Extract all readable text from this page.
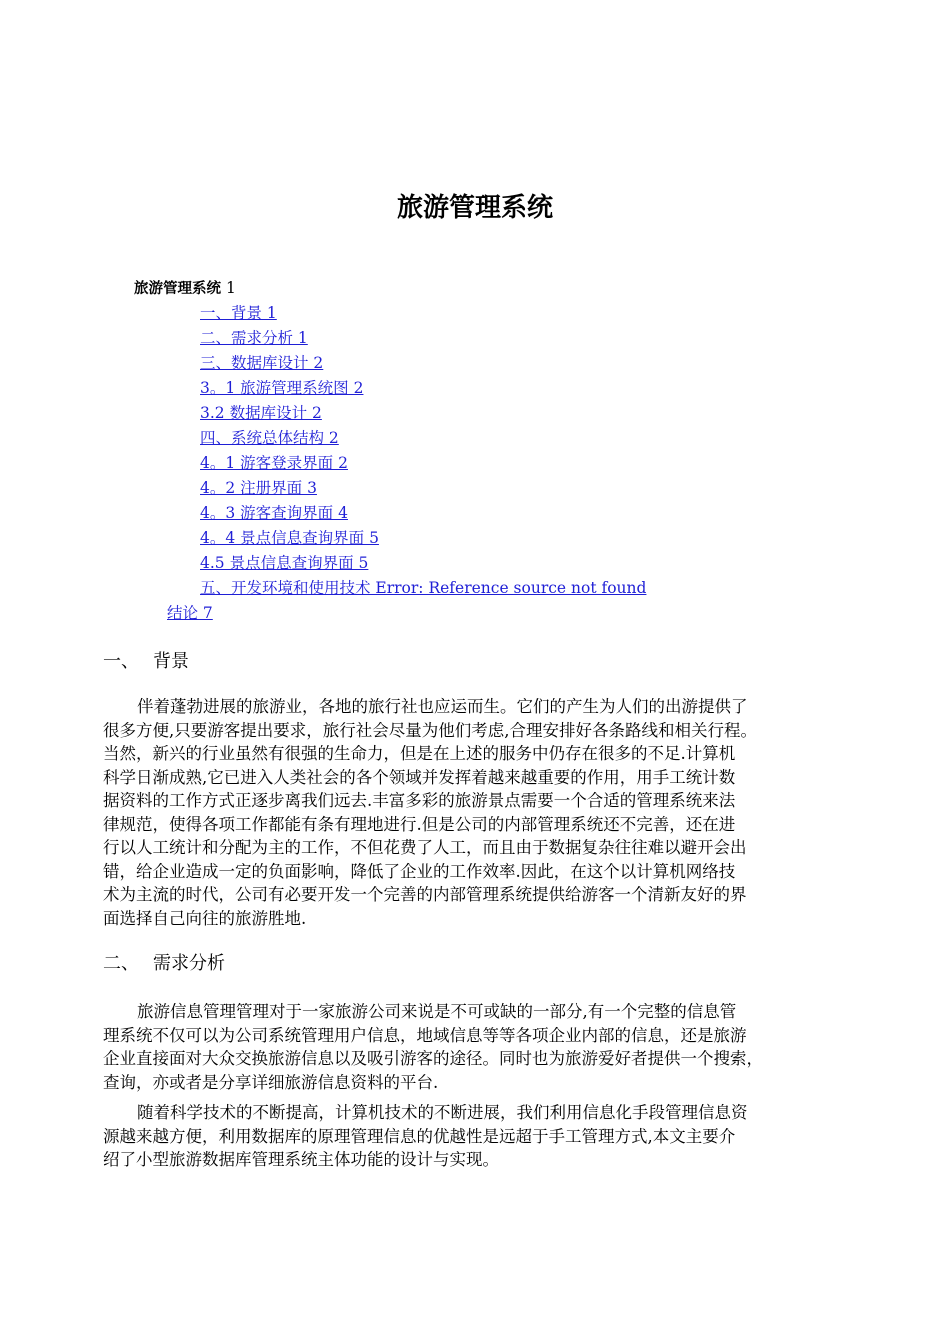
旅游管理系统
旅游管理系统 1
一、背景 1
二、需求分析 1
三、数据库设计 2
3。1 旅游管理系统图 2
3.2 数据库设计 2
四、系统总体结构 2
4。1 游客登录界面 2
4。2 注册界面 3
4。3 游客查询界面 4
4。4 景点信息查询界面 5
4.5 景点信息查询界面 5
五、开发环境和使用技术 Error: Reference source not found
结论 7
一、 背景
伴着蓬勃进展的旅游业，各地的旅行社也应运而生。它们的产生为人们的出游提供了
很多方便,只要游客提出要求，旅行社会尽量为他们考虑,合理安排好各条路线和相关行程。
当然，新兴的行业虽然有很强的生命力，但是在上述的服务中仍存在很多的不足.计算机
科学日渐成熟,它已进入人类社会的各个领域并发挥着越来越重要的作用，用手工统计数
据资料的工作方式正逐步离我们远去.丰富多彩的旅游景点需要一个合适的管理系统来法
律规范，使得各项工作都能有条有理地进行.但是公司的内部管理系统还不完善，还在进
行以人工统计和分配为主的工作，不但花费了人工，而且由于数据复杂往往难以避开会出
错，给企业造成一定的负面影响，降低了企业的工作效率.因此，在这个以计算机网络技
术为主流的时代，公司有必要开发一个完善的内部管理系统提供给游客一个清新友好的界
面选择自己向往的旅游胜地.
二、 需求分析
旅游信息管理管理对于一家旅游公司来说是不可或缺的一部分,有一个完整的信息管
理系统不仅可以为公司系统管理用户信息，地域信息等等各项企业内部的信息，还是旅游
企业直接面对大众交换旅游信息以及吸引游客的途径。同时也为旅游爱好者提供一个搜索，
查询，亦或者是分享详细旅游信息资料的平台.
随着科学技术的不断提高，计算机技术的不断进展，我们利用信息化手段管理信息资
源越来越方便，利用数据库的原理管理信息的优越性是远超于手工管理方式,本文主要介
绍了小型旅游数据库管理系统主体功能的设计与实现。
